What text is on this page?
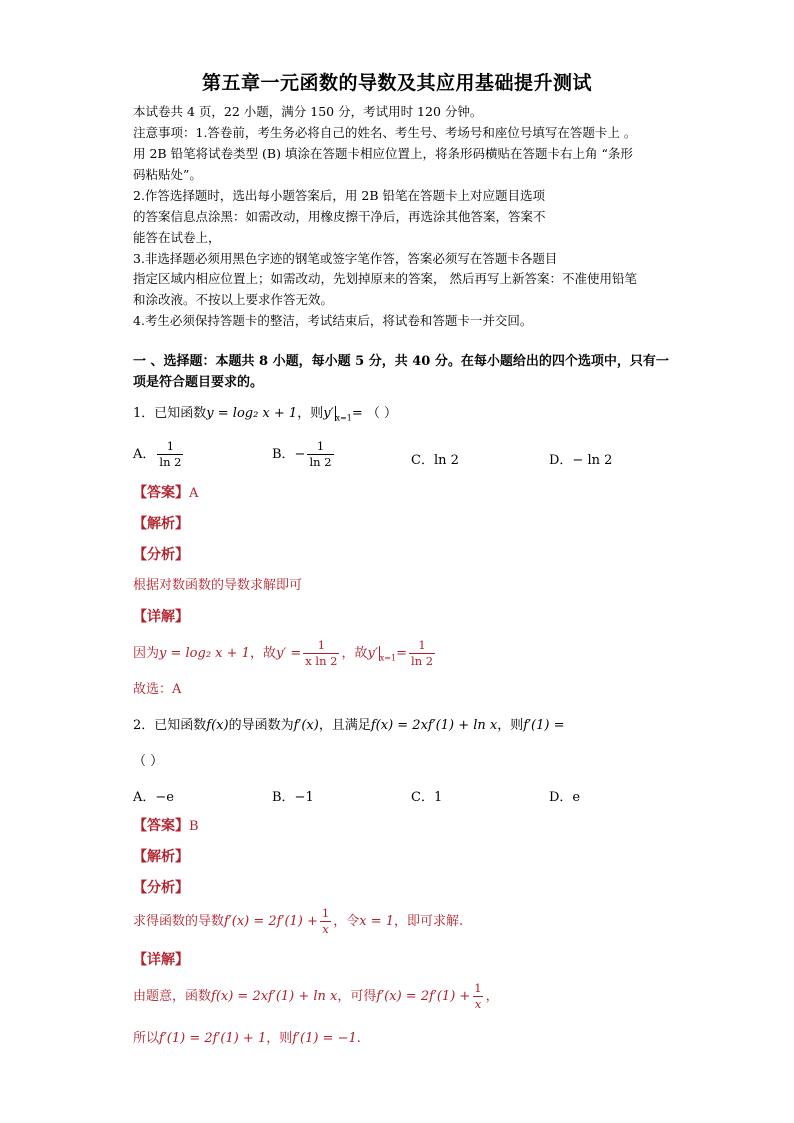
第五章一元函数的导数及其应用基础提升测试
本试卷共 4 页，22 小题，满分 150 分，考试用时 120 分钟。
注意事项：1.答卷前，考生务必将自己的姓名、考生号、考场号和座位号填写在答题卡上 。
用 2B 铅笔将试卷类型 (B) 填涂在答题卡相应位置上，将条形码横贴在答题卡右上角 “条形
码粘贴处”。
2.作答选择题时，选出每小题答案后，用 2B 铅笔在答题卡上对应题目选项
的答案信息点涂黑：如需改动，用橡皮擦干净后，再选涂其他答案，答案不
能答在试卷上，
3.非选择题必须用黑色字迹的钢笔或签字笔作答，答案必须写在答题卡各题目
指定区域内相应位置上；如需改动，先划掉原来的答案， 然后再写上新答案：不准使用铅笔
和涂改液。不按以上要求作答无效。
4.考生必须保持答题卡的整洁，考试结束后，将试卷和答题卡一并交回。
一 、选择题：本题共 8 小题，每小题 5 分，共 40 分。在每小题给出的四个选项中，只有一
项是符合题目要求的。
1．已知函数y = log₂ x + 1，则y′ $_{x=1}$= （ ）
A． $\frac{1}{\ln 2}$	B．− $\frac{1}{\ln 2}$	C．ln 2	D．− ln 2
【答案】A
【解析】
【分析】
根据对数函数的导数求解即可
【详解】
因为y = log₂ x + 1，故$y' = \frac{1}{\text{x ln 2}}$ ，故y′ $_{x=1}= \frac{1}{\ln 2}$
故选：A
2．已知函数f(x)的导函数为f′(x)，且满足f(x) = 2xf′(1) + ln x，则f′(1) =
（ ）
A．−e	B．−1	C．1	D．e
【答案】B
【解析】
【分析】
求得函数的导数$f'(x) = 2f'(1) + \frac{1}{x}$ ，令x = 1，即可求解.
【详解】
由题意，函数f(x) = 2xf′(1) + ln x，可得$f'(x) = 2f'(1) + \frac{1}{x}$ ，
所以f′(1) = 2f′(1) + 1，则f′(1) = −1.
